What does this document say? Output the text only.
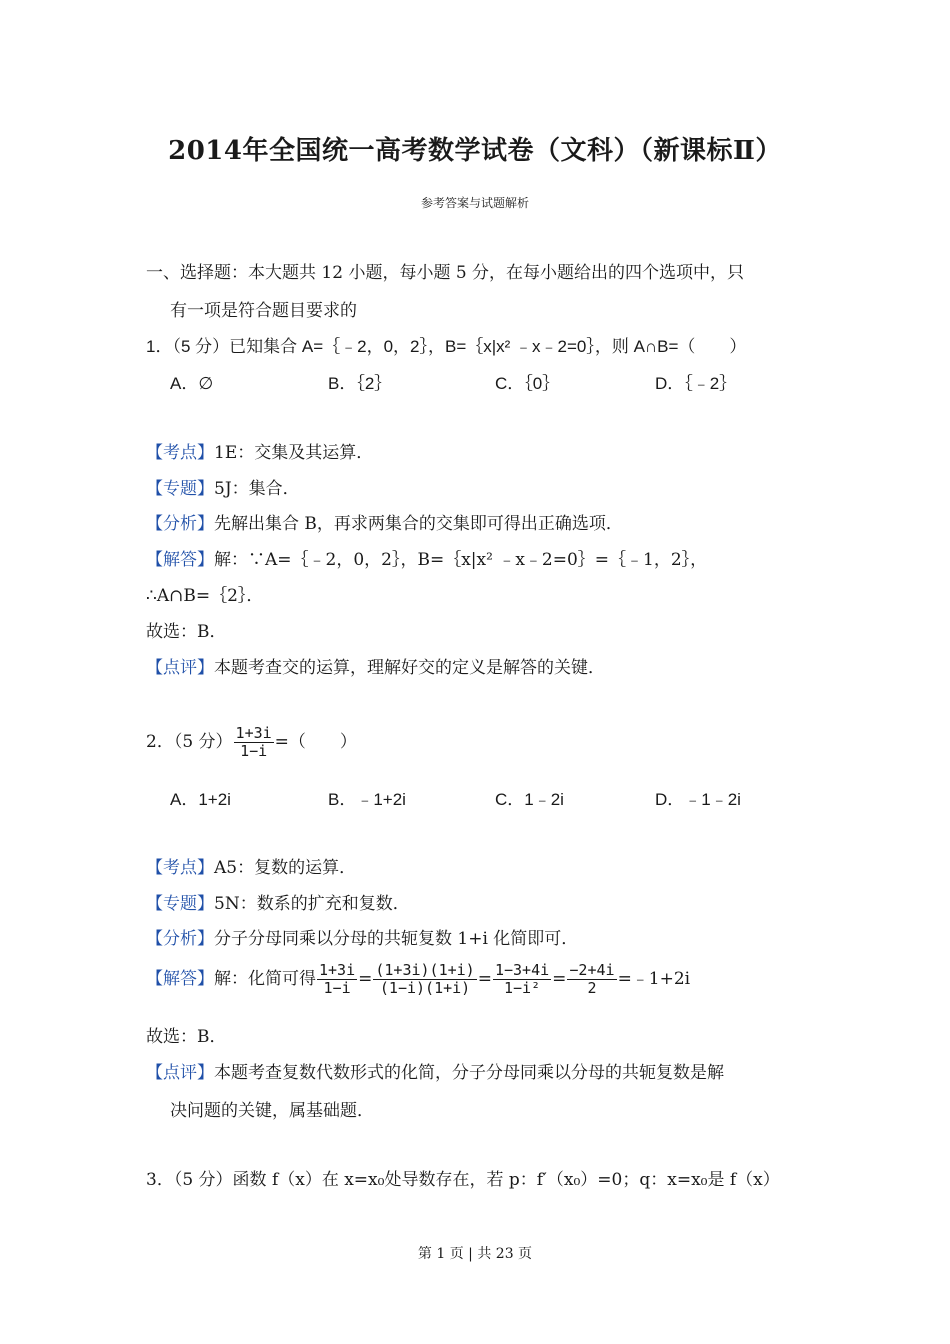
2014年全国统一高考数学试卷（文科）（新课标Ⅱ）
参考答案与试题解析
一、选择题：本大题共 12 小题，每小题 5 分，在每小题给出的四个选项中，只
有一项是符合题目要求的
1．（5 分）已知集合 A=｛﹣2，0，2｝，B=｛x|x² ﹣x﹣2=0｝，则 A∩B=（　　）
A．∅	B．｛2｝	C．｛0｝	D．｛﹣2｝
【考点】1E：交集及其运算．
【专题】5J：集合．
【分析】先解出集合 B，再求两集合的交集即可得出正确选项．
【解答】解：∵A=｛﹣2，0，2｝，B=｛x|x² ﹣x﹣2=0｝=｛﹣1，2｝，
∴A∩B=｛2｝．
故选：B．
【点评】本题考查交的运算，理解好交的定义是解答的关键．
2．（5 分） $\frac{1+3i}{1-i}$ =（　　）
A．1+2i	B．﹣1+2i	C．1﹣2i	D．﹣1﹣2i
【考点】A5：复数的运算．
【专题】5N：数系的扩充和复数．
【分析】分子分母同乘以分母的共轭复数 1+i 化简即可．
【解答】解：化简可得 $\frac{1+3i}{1-i} = \frac{(1+3i)(1+i)}{(1-i)(1+i)} = \frac{1-3+4i}{\text{1−i²}} = \frac{-2+4i}{2}$ =﹣1+2i
故选：B．
【点评】本题考查复数代数形式的化简，分子分母同乘以分母的共轭复数是解
决问题的关键，属基础题．
3．（5 分）函数 f（x）在 x=x₀处导数存在，若 p：f′（x₀）=0；q：x=x₀是 f（x）
第 1 页 | 共 23 页
